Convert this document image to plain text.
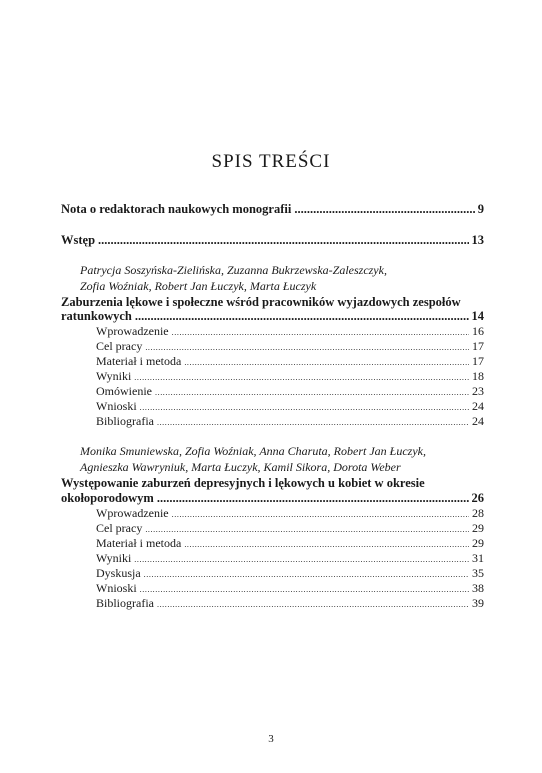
SPIS TREŚCI
Nota o redaktorach naukowych monografii .....	9
Wstęp .....	13
Patrycja Soszyńska-Zielińska, Zuzanna Bukrzewska-Zaleszczyk,
Zofia Woźniak, Robert Jan Łuczyk, Marta Łuczyk
Zaburzenia lękowe i społeczne wśród pracowników wyjazdowych zespołów
ratunkowych .....	14
Wprowadzenie .....	16
Cel pracy .....	17
Materiał i metoda .....	17
Wyniki .....	18
Omówienie .....	23
Wnioski .....	24
Bibliografia .....	24
Monika Smuniewska, Zofia Woźniak, Anna Charuta, Robert Jan Łuczyk,
Agnieszka Wawryniuk, Marta Łuczyk, Kamil Sikora, Dorota Weber
Występowanie zaburzeń depresyjnych i lękowych u kobiet w okresie
okołoporodowym .....	26
Wprowadzenie .....	28
Cel pracy .....	29
Materiał i metoda .....	29
Wyniki .....	31
Dyskusja .....	35
Wnioski .....	38
Bibliografia .....	39
3
